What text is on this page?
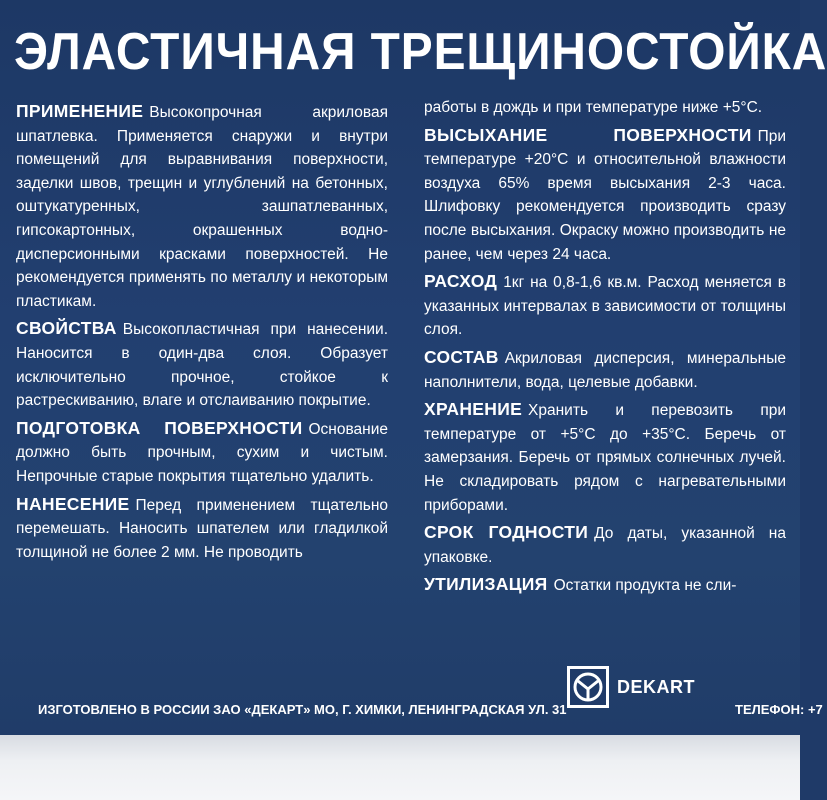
ЭЛАСТИЧНАЯ ТРЕЩИНОСТОЙКА
ПРИМЕНЕНИЕ Высокопрочная акриловая шпатлевка. Применяется снаружи и внутри помещений для выравнивания поверхности, заделки швов, трещин и углублений на бетонных, оштукатуренных, зашпатлеванных, гипсокартонных, окрашенных водно-дисперсионными красками поверхностей. Не рекомендуется применять по металлу и некоторым пластикам.
СВОЙСТВА Высокопластичная при нанесении. Наносится в один-два слоя. Образует исключительно прочное, стойкое к растрескиванию, влаге и отслаиванию покрытие.
ПОДГОТОВКА ПОВЕРХНОСТИ Основание должно быть прочным, сухим и чистым. Непрочные старые покрытия тщательно удалить.
НАНЕСЕНИЕ Перед применением тщательно перемешать. Наносить шпателем или гладилкой толщиной не более 2 мм. Не проводить
работы в дождь и при температуре ниже +5°С.
ВЫСЫХАНИЕ ПОВЕРХНОСТИ При температуре +20°С и относительной влажности воздуха 65% время высыхания 2-3 часа. Шлифовку рекомендуется производить сразу после высыхания. Окраску можно производить не ранее, чем через 24 часа.
РАСХОД 1кг на 0,8-1,6 кв.м. Расход меняется в указанных интервалах в зависимости от толщины слоя.
СОСТАВ Акриловая дисперсия, минеральные наполнители, вода, целевые добавки.
ХРАНЕНИЕ Хранить и перевозить при температуре от +5°С до +35°С. Беречь от замерзания. Беречь от прямых солнечных лучей. Не складировать рядом с нагревательными приборами.
СРОК ГОДНОСТИ До даты, указанной на упаковке.
УТИЛИЗАЦИЯ Остатки продукта не сли-
ИЗГОТОВЛЕНО В РОССИИ ЗАО «ДЕКАРТ» МО, Г. ХИМКИ, ЛЕНИНГРАДСКАЯ УЛ. 31
DEKART
ТЕЛЕФОН: +7
